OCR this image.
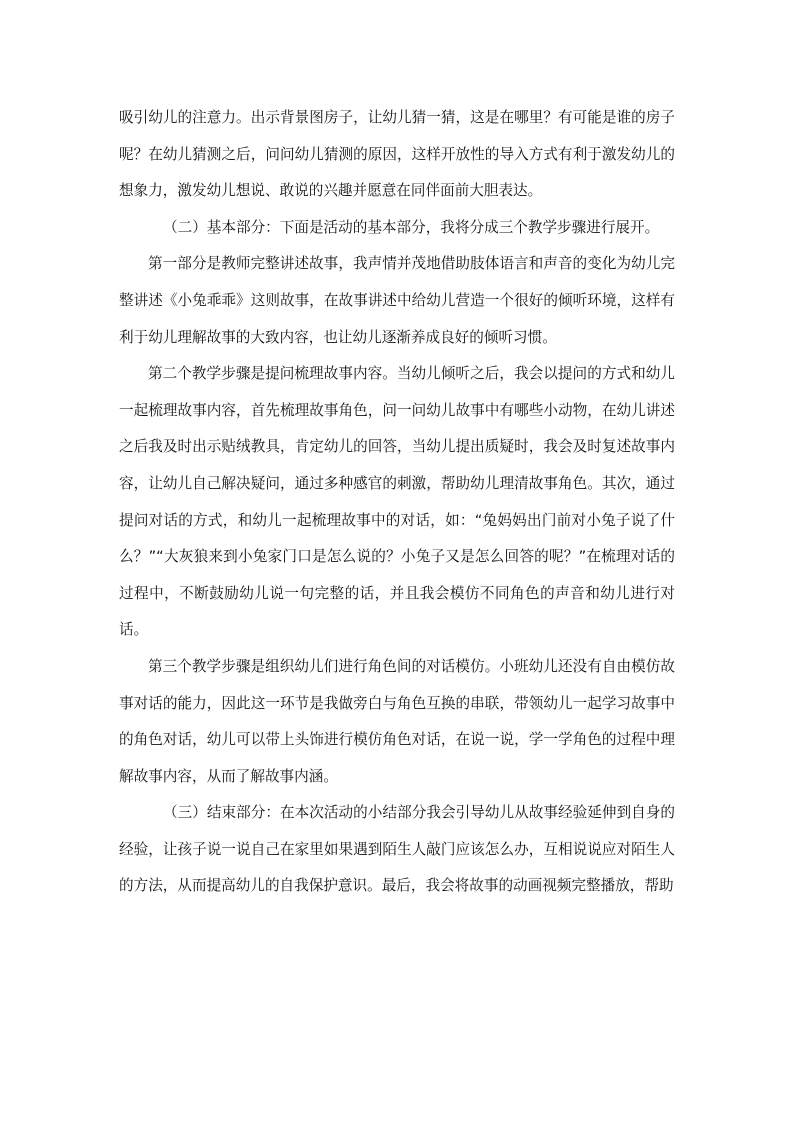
吸引幼儿的注意力。出示背景图房子，让幼儿猜一猜，这是在哪里？有可能是谁的房子呢？在幼儿猜测之后，问问幼儿猜测的原因，这样开放性的导入方式有利于激发幼儿的想象力，激发幼儿想说、敢说的兴趣并愿意在同伴面前大胆表达。

（二）基本部分：下面是活动的基本部分，我将分成三个教学步骤进行展开。

第一部分是教师完整讲述故事，我声情并茂地借助肢体语言和声音的变化为幼儿完整讲述《小兔乖乖》这则故事，在故事讲述中给幼儿营造一个很好的倾听环境，这样有利于幼儿理解故事的大致内容，也让幼儿逐渐养成良好的倾听习惯。

第二个教学步骤是提问梳理故事内容。当幼儿倾听之后，我会以提问的方式和幼儿一起梳理故事内容，首先梳理故事角色，问一问幼儿故事中有哪些小动物，在幼儿讲述之后我及时出示贴绒教具，肯定幼儿的回答，当幼儿提出质疑时，我会及时复述故事内容，让幼儿自己解决疑问，通过多种感官的刺激，帮助幼儿理清故事角色。其次，通过提问对话的方式，和幼儿一起梳理故事中的对话，如：“兔妈妈出门前对小兔子说了什么？”“大灰狼来到小兔家门口是怎么说的？小兔子又是怎么回答的呢？”在梳理对话的过程中，不断鼓励幼儿说一句完整的话，并且我会模仿不同角色的声音和幼儿进行对话。

第三个教学步骤是组织幼儿们进行角色间的对话模仿。小班幼儿还没有自由模仿故事对话的能力，因此这一环节是我做旁白与角色互换的串联，带领幼儿一起学习故事中的角色对话，幼儿可以带上头饰进行模仿角色对话，在说一说，学一学角色的过程中理解故事内容，从而了解故事内涵。

（三）结束部分：在本次活动的小结部分我会引导幼儿从故事经验延伸到自身的经验，让孩子说一说自己在家里如果遇到陌生人敲门应该怎么办，互相说说应对陌生人的方法，从而提高幼儿的自我保护意识。最后，我会将故事的动画视频完整播放，帮助
